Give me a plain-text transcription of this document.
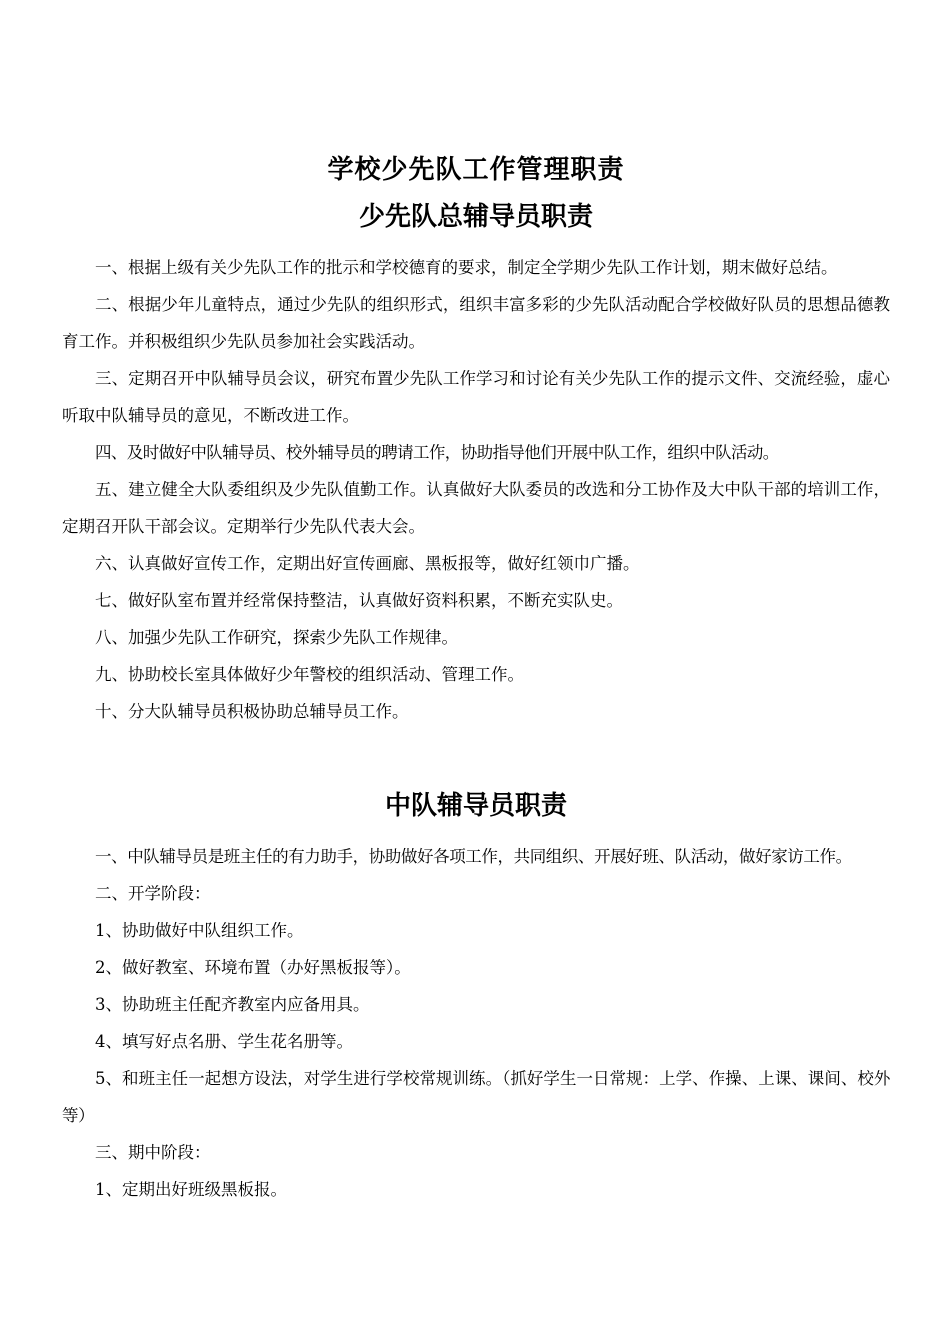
学校少先队工作管理职责
少先队总辅导员职责

一、根据上级有关少先队工作的批示和学校德育的要求，制定全学期少先队工作计划，期末做好总结。

二、根据少年儿童特点，通过少先队的组织形式，组织丰富多彩的少先队活动配合学校做好队员的思想品德教育工作。并积极组织少先队员参加社会实践活动。

三、定期召开中队辅导员会议，研究布置少先队工作学习和讨论有关少先队工作的提示文件、交流经验，虚心听取中队辅导员的意见，不断改进工作。

四、及时做好中队辅导员、校外辅导员的聘请工作，协助指导他们开展中队工作，组织中队活动。

五、建立健全大队委组织及少先队值勤工作。认真做好大队委员的改选和分工协作及大中队干部的培训工作，定期召开队干部会议。定期举行少先队代表大会。

六、认真做好宣传工作，定期出好宣传画廊、黑板报等，做好红领巾广播。

七、做好队室布置并经常保持整洁，认真做好资料积累，不断充实队史。

八、加强少先队工作研究，探索少先队工作规律。

九、协助校长室具体做好少年警校的组织活动、管理工作。

十、分大队辅导员积极协助总辅导员工作。

中队辅导员职责

一、中队辅导员是班主任的有力助手，协助做好各项工作，共同组织、开展好班、队活动，做好家访工作。

二、开学阶段：

1、协助做好中队组织工作。

2、做好教室、环境布置（办好黑板报等）。

3、协助班主任配齐教室内应备用具。

4、填写好点名册、学生花名册等。

5、和班主任一起想方设法，对学生进行学校常规训练。（抓好学生一日常规：上学、作操、上课、课间、校外等）

三、期中阶段：

1、定期出好班级黑板报。
